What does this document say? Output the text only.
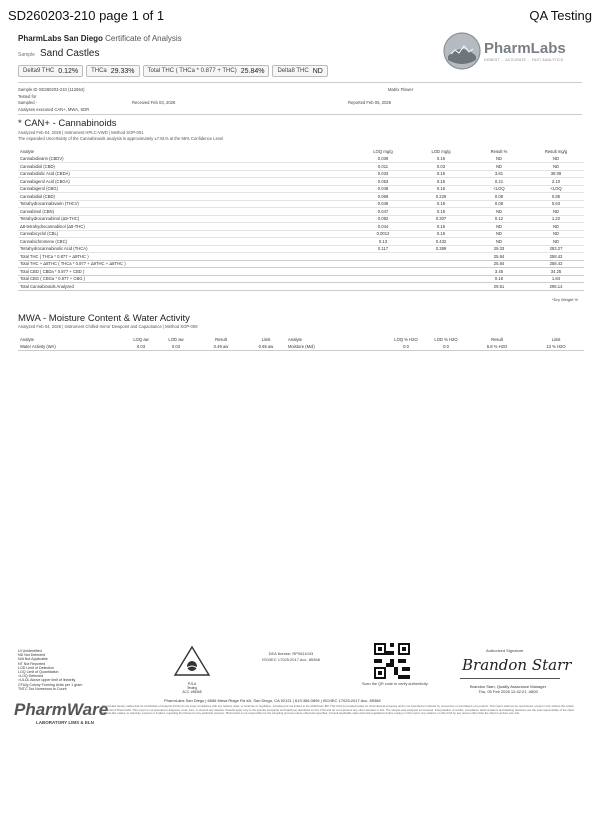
SD260203-210 page 1 of 1	QA Testing
PharmLabs San Diego Certificate of Analysis
Sample Sand Castles
Delta9 THC 0.12% THCa 29.33% Total THC ( THCa * 0.877 + THC) 25.84% Delta8 THC ND
PharmLabs
HONEST ... ACCURATE ... FAST ANALYTICS
Sample ID SD260203-210 (112664)	Matrix Flower
Tested for
Sampled -	Received Feb 03, 2026	Reported Feb 05, 2026
Analyses executed CAN+, MWA, SDR
* CAN+ - Cannabinoids
Analyzed Feb 04, 2026 | Instrument HPLC-VWD | Method SOP-001
The expanded Uncertainty of the Cannabinoids analysis is approximately ±7.81% at the 95% Confidence Level
Analyte	LOQ mg/g	LOD mg/g	Result %	Result mg/g
Cannabidivarin (CBDV)	0.039	0.16	ND	ND
Cannabidiol (CBD)	0.011	0.03	ND	ND
Cannabidiolic Acid (CBDA)	0.033	0.16	3.81	38.09
Cannabigerol Acid (CBGA)	0.053	0.16	0.21	2.10
Cannabigerol (CBG)	0.048	0.16	<LOQ	<LOQ
Cannabidiol (CBD)	0.069	0.229	0.08	0.85
Tetrahydrocannabivarin (THCV)	0.049	0.16	0.08	0.63
Cannabinol (CBN)	0.047	0.16	ND	ND
Tetrahydrocannabinol (Δ9-THC)	0.092	0.307	0.12	1.22
Δ8-tetrahydrocannabinol (Δ8-THC)	0.044	0.16	ND	ND
Cannabicyclol (CBL)	0.0012	0.16	ND	ND
Cannabichromene (CBC)	0.13	0.432	ND	ND
Tetrahydrocannabinolic Acid (THCA)	0.117	0.389	29.33	293.27
Total THC ( THCa * 0.877 + Δ9THC )			25.84	258.42
Total THC + Δ8THC ( THCa * 0.877 + Δ9THC + Δ8THC )			25.84	258.42
Total CBD ( CBDa * 0.877 + CBD )			3.45	34.25
Total CBG ( CBGa * 0.877 + CBG )			0.18	1.84
Total Cannabinoids Analyzed			29.51	295.14
*Dry Weight %
MWA - Moisture Content & Water Activity
Analyzed Feb 04, 2026 | Instrument Chilled-mirror Dewpoint and Capacitance | Method SOP-008
Analyte	LOQ aw	LOD aw	Result	Limit	Analyte	LOQ % H2O	LOD % H2O	Result	Limit
Water Activity (WA)	0.03	0.03	0.49 aw	0.65 aw	Moisture (Mol)	0.0	0.0	6.8 % H2O	13 % H2O
UI Unidentified
ND Not Detected
N/A Not Applicable
NT Not Reported
LOD Limit of Detection
LOQ Limit of Quantitation
<LOQ Detected
>ULOL Above upper limit of linearity
CFU/g Colony Forming Units per 1 gram
TNTC Too Numerous to Count
PJLA
Testing
ACC. #65368
DEA license: RP0511043
ISO/IEC 17025:2017 Acc. 85368
Scan the QR code to verify authenticity.
Authorized Signature
Brandon Starr
Brandon Starr, Quality Assurance Manager
Thu, 05 Feb 2026 12:42:21 -0800
PharmWare
LABORATORY LIMS & ELN
PharmLabs San Diego | 6656 Mesa Ridge Rd #A, San Diego, CA 92121 | 619.356.0899 | ISO/IEC 17025:2017 Acc. 85368
PharmLabs hereby states that its Certificates of Analysis (COA) do not imply compliance with any federal, state, or local law or regulation, including but not limited to the 2018 Farm Bill. This COA is provided solely for informational purposes and is not intended for reliance by consumers or purchasers of a product. This report shall not be reproduced, except in full, without the written approval of PharmLabs. This report is not intended to diagnose, treat, cure, or prevent any disease. Results apply only to the specific sample(s) and batch(es) described on this COA and do not represent any other samples or lots. The sample was analyzed as received. Interpretation of results, compliance determinations and labeling decisions are the sole responsibility of the client. PharmLabs makes no warranty, express or implied, regarding the fitness for any particular purpose. PharmLabs is not responsible for the sampling process unless otherwise specified. Consult applicable state and local regulations before relying on this report. Any reliance on this COA by any person other than the client is at their own risk.
